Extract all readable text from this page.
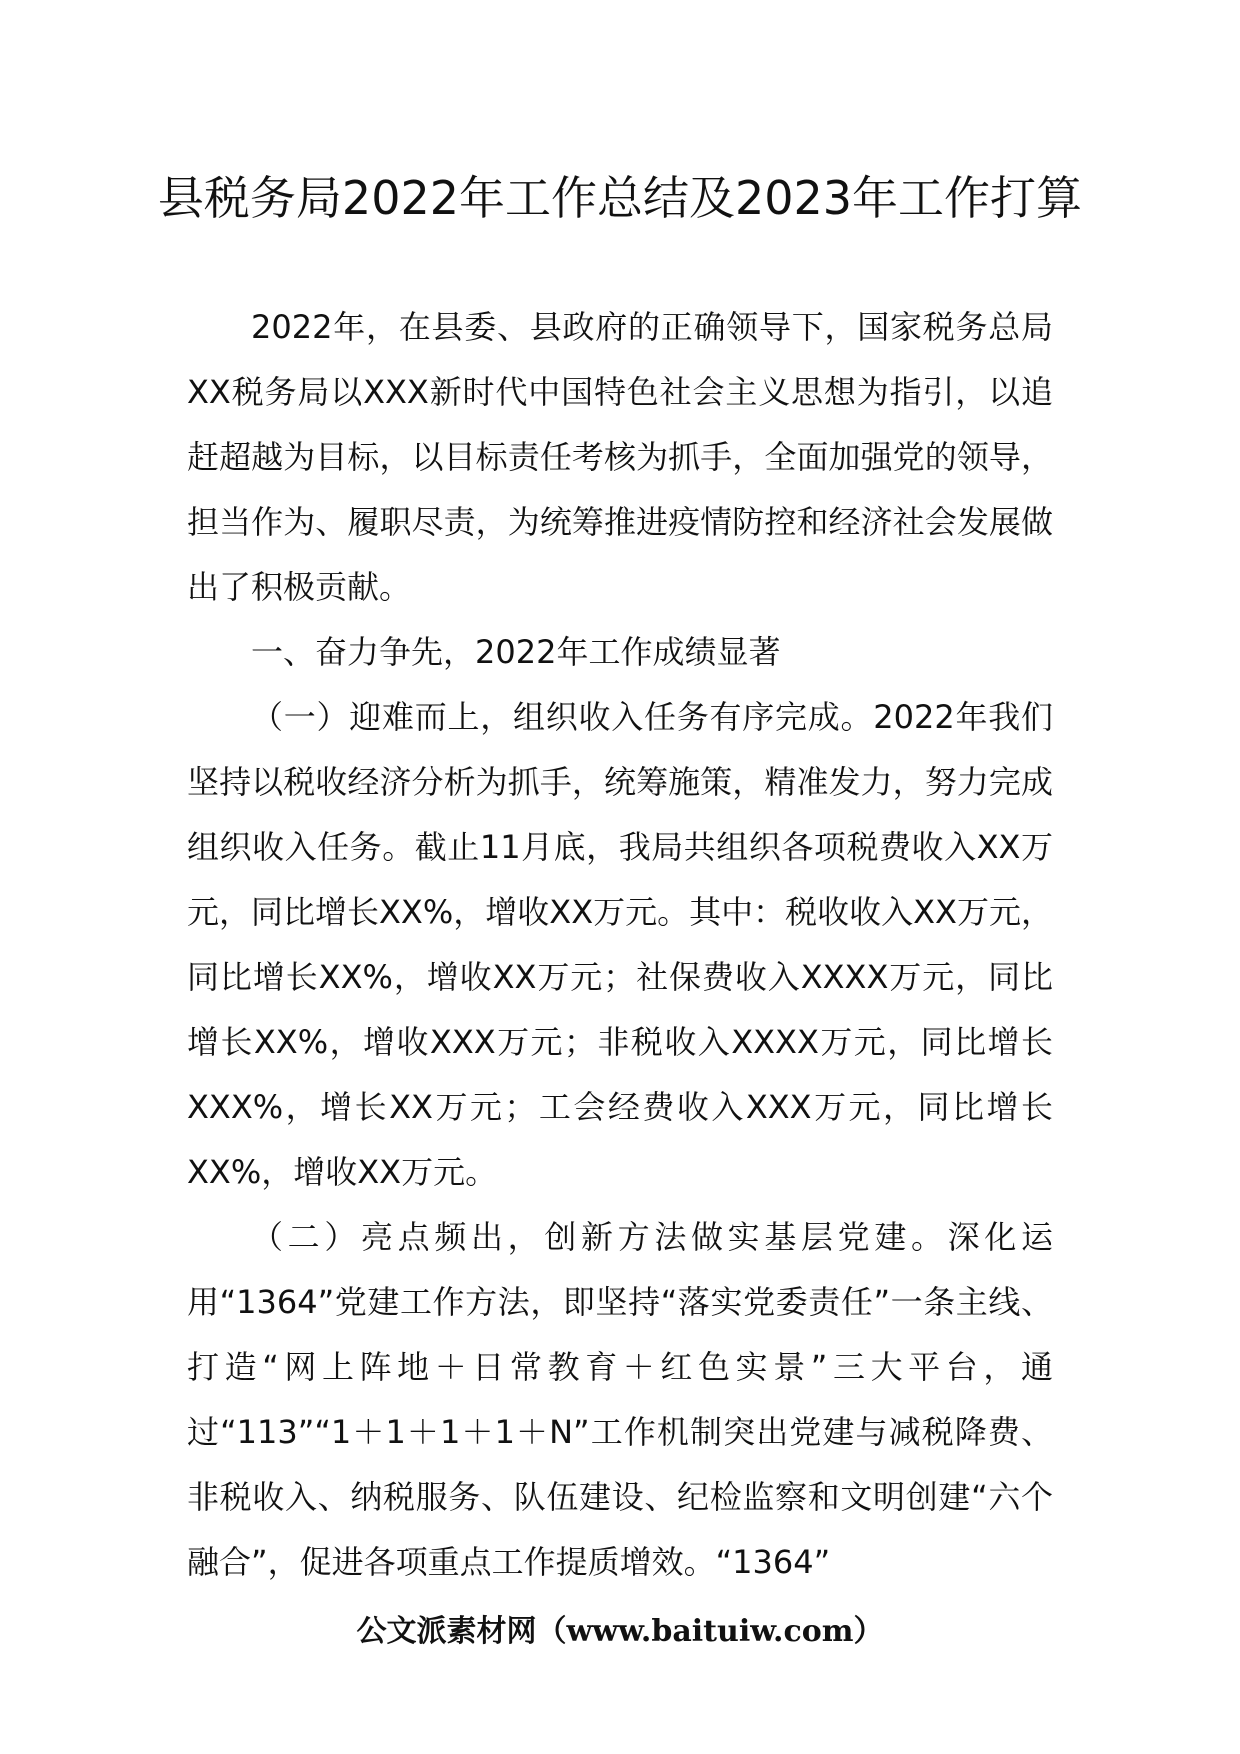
县税务局2022年工作总结及2023年工作打算

2022年，在县委、县政府的正确领导下，国家税务总局XX税务局以XXX新时代中国特色社会主义思想为指引，以追赶超越为目标，以目标责任考核为抓手，全面加强党的领导，担当作为、履职尽责，为统筹推进疫情防控和经济社会发展做出了积极贡献。

一、奋力争先，2022年工作成绩显著

（一）迎难而上，组织收入任务有序完成。2022年我们坚持以税收经济分析为抓手，统筹施策，精准发力，努力完成组织收入任务。截止11月底，我局共组织各项税费收入XX万元，同比增长XX%，增收XX万元。其中：税收收入XX万元，同比增长XX%，增收XX万元；社保费收入XXXX万元，同比增长XX%，增收XXX万元；非税收入XXXX万元，同比增长XXX%，增长XX万元；工会经费收入XXX万元，同比增长XX%，增收XX万元。

（二）亮点频出，创新方法做实基层党建。深化运用“1364”党建工作方法，即坚持“落实党委责任”一条主线、打造“网上阵地＋日常教育＋红色实景”三大平台，通过“113”“1＋1＋1＋1＋N”工作机制突出党建与减税降费、非税收入、纳税服务、队伍建设、纪检监察和文明创建“六个融合”，促进各项重点工作提质增效。“1364”

公文派素材网（www.baituiw.com）
